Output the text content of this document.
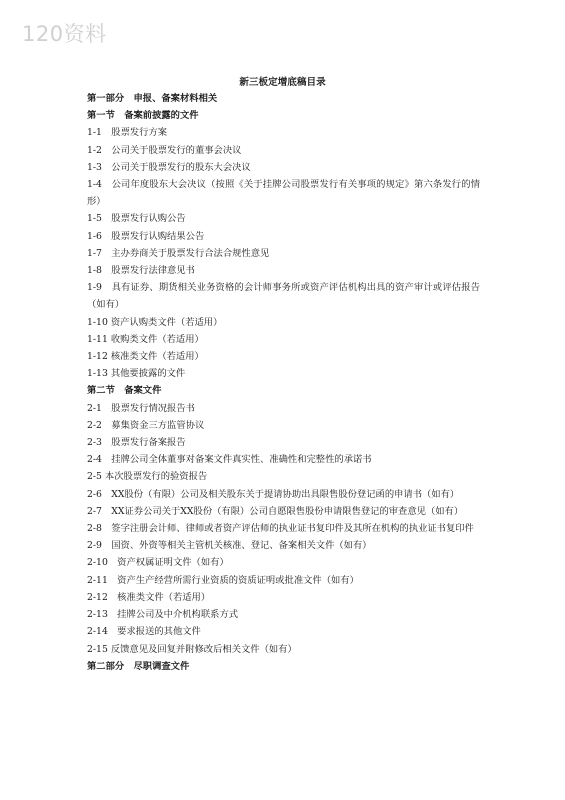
120资料
新三板定增底稿目录
第一部分　申报、备案材料相关
第一节　备案前披露的文件
1-1　股票发行方案
1-2　公司关于股票发行的董事会决议
1-3　公司关于股票发行的股东大会决议
1-4　公司年度股东大会决议（按照《关于挂牌公司股票发行有关事项的规定》第六条发行的情形）
1-5　股票发行认购公告
1-6　股票发行认购结果公告
1-7　主办券商关于股票发行合法合规性意见
1-8　股票发行法律意见书
1-9　具有证券、期货相关业务资格的会计师事务所或资产评估机构出具的资产审计或评估报告（如有）
1-10 资产认购类文件（若适用）
1-11 收购类文件（若适用）
1-12 核准类文件（若适用）
1-13 其他要披露的文件
第二节　备案文件
2-1　股票发行情况报告书
2-2　募集资金三方监管协议
2-3　股票发行备案报告
2-4　挂牌公司全体董事对备案文件真实性、准确性和完整性的承诺书
2-5 本次股票发行的验资报告
2-6　XX股份（有限）公司及相关股东关于提请协助出具限售股份登记函的申请书（如有）
2-7　XX证券公司关于XX股份（有限）公司自愿限售股份申请限售登记的审查意见（如有）
2-8　签字注册会计师、律师或者资产评估师的执业证书复印件及其所在机构的执业证书复印件
2-9　国资、外资等相关主管机关核准、登记、备案相关文件（如有）
2-10　资产权属证明文件（如有）
2-11　资产生产经营所需行业资质的资质证明或批准文件（如有）
2-12　核准类文件（若适用）
2-13　挂牌公司及中介机构联系方式
2-14　要求报送的其他文件
2-15 反馈意见及回复并附修改后相关文件（如有）
第二部分　尽职调查文件
